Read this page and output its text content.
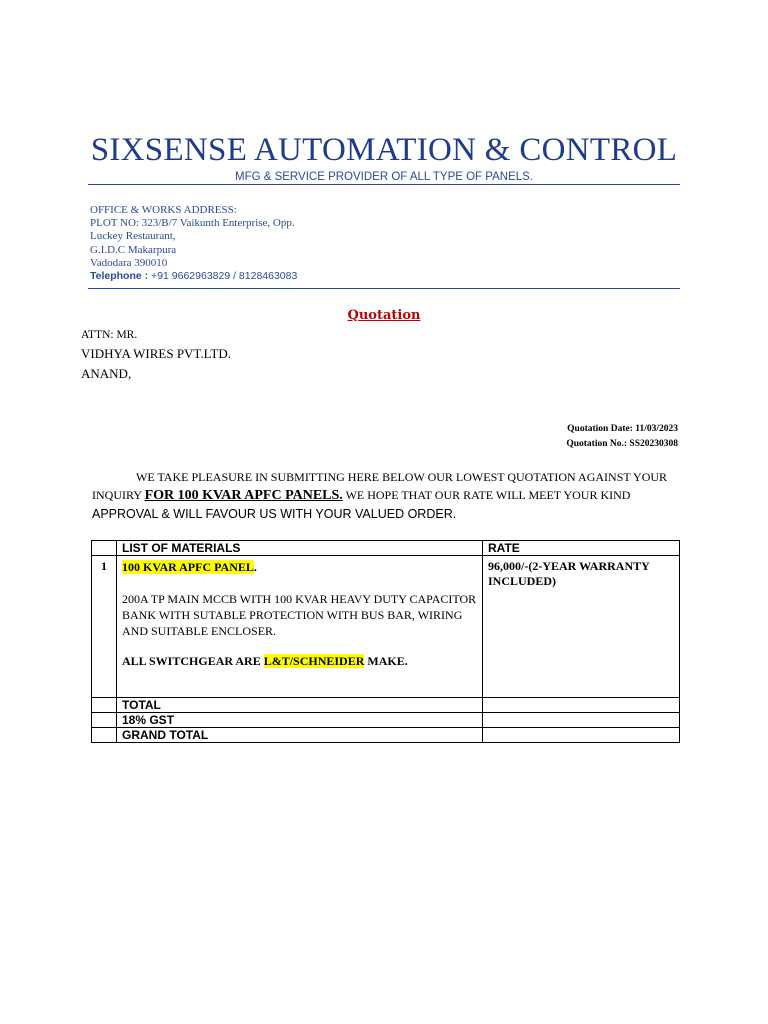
SIXSENSE AUTOMATION & CONTROL
MFG & SERVICE PROVIDER OF ALL TYPE OF PANELS.
OFFICE & WORKS ADDRESS:
PLOT NO: 323/B/7 Vaikunth Enterprise, Opp.
Luckey Restaurant,
G.I.D.C Makarpura
Vadodara 390010
Telephone : +91 9662963829 / 8128463083
Quotation
ATTN: MR.
VIDHYA WIRES PVT.LTD.
ANAND,
Quotation Date: 11/03/2023
Quotation No.: SS20230308
WE TAKE PLEASURE IN SUBMITTING HERE BELOW OUR LOWEST QUOTATION AGAINST YOUR
INQUIRY FOR 100 KVAR APFC PANELS. WE HOPE THAT OUR RATE WILL MEET YOUR KIND
APPROVAL & WILL FAVOUR US WITH YOUR VALUED ORDER.
	LIST OF MATERIALS	RATE
1	100 KVAR APFC PANEL.
200A TP MAIN MCCB WITH 100 KVAR HEAVY DUTY CAPACITOR BANK WITH SUTABLE PROTECTION WITH BUS BAR, WIRING AND SUITABLE ENCLOSER.
ALL SWITCHGEAR ARE L&T/SCHNEIDER MAKE.	96,000/-(2-YEAR WARRANTY INCLUDED)
	TOTAL	
	18% GST	
	GRAND TOTAL	
